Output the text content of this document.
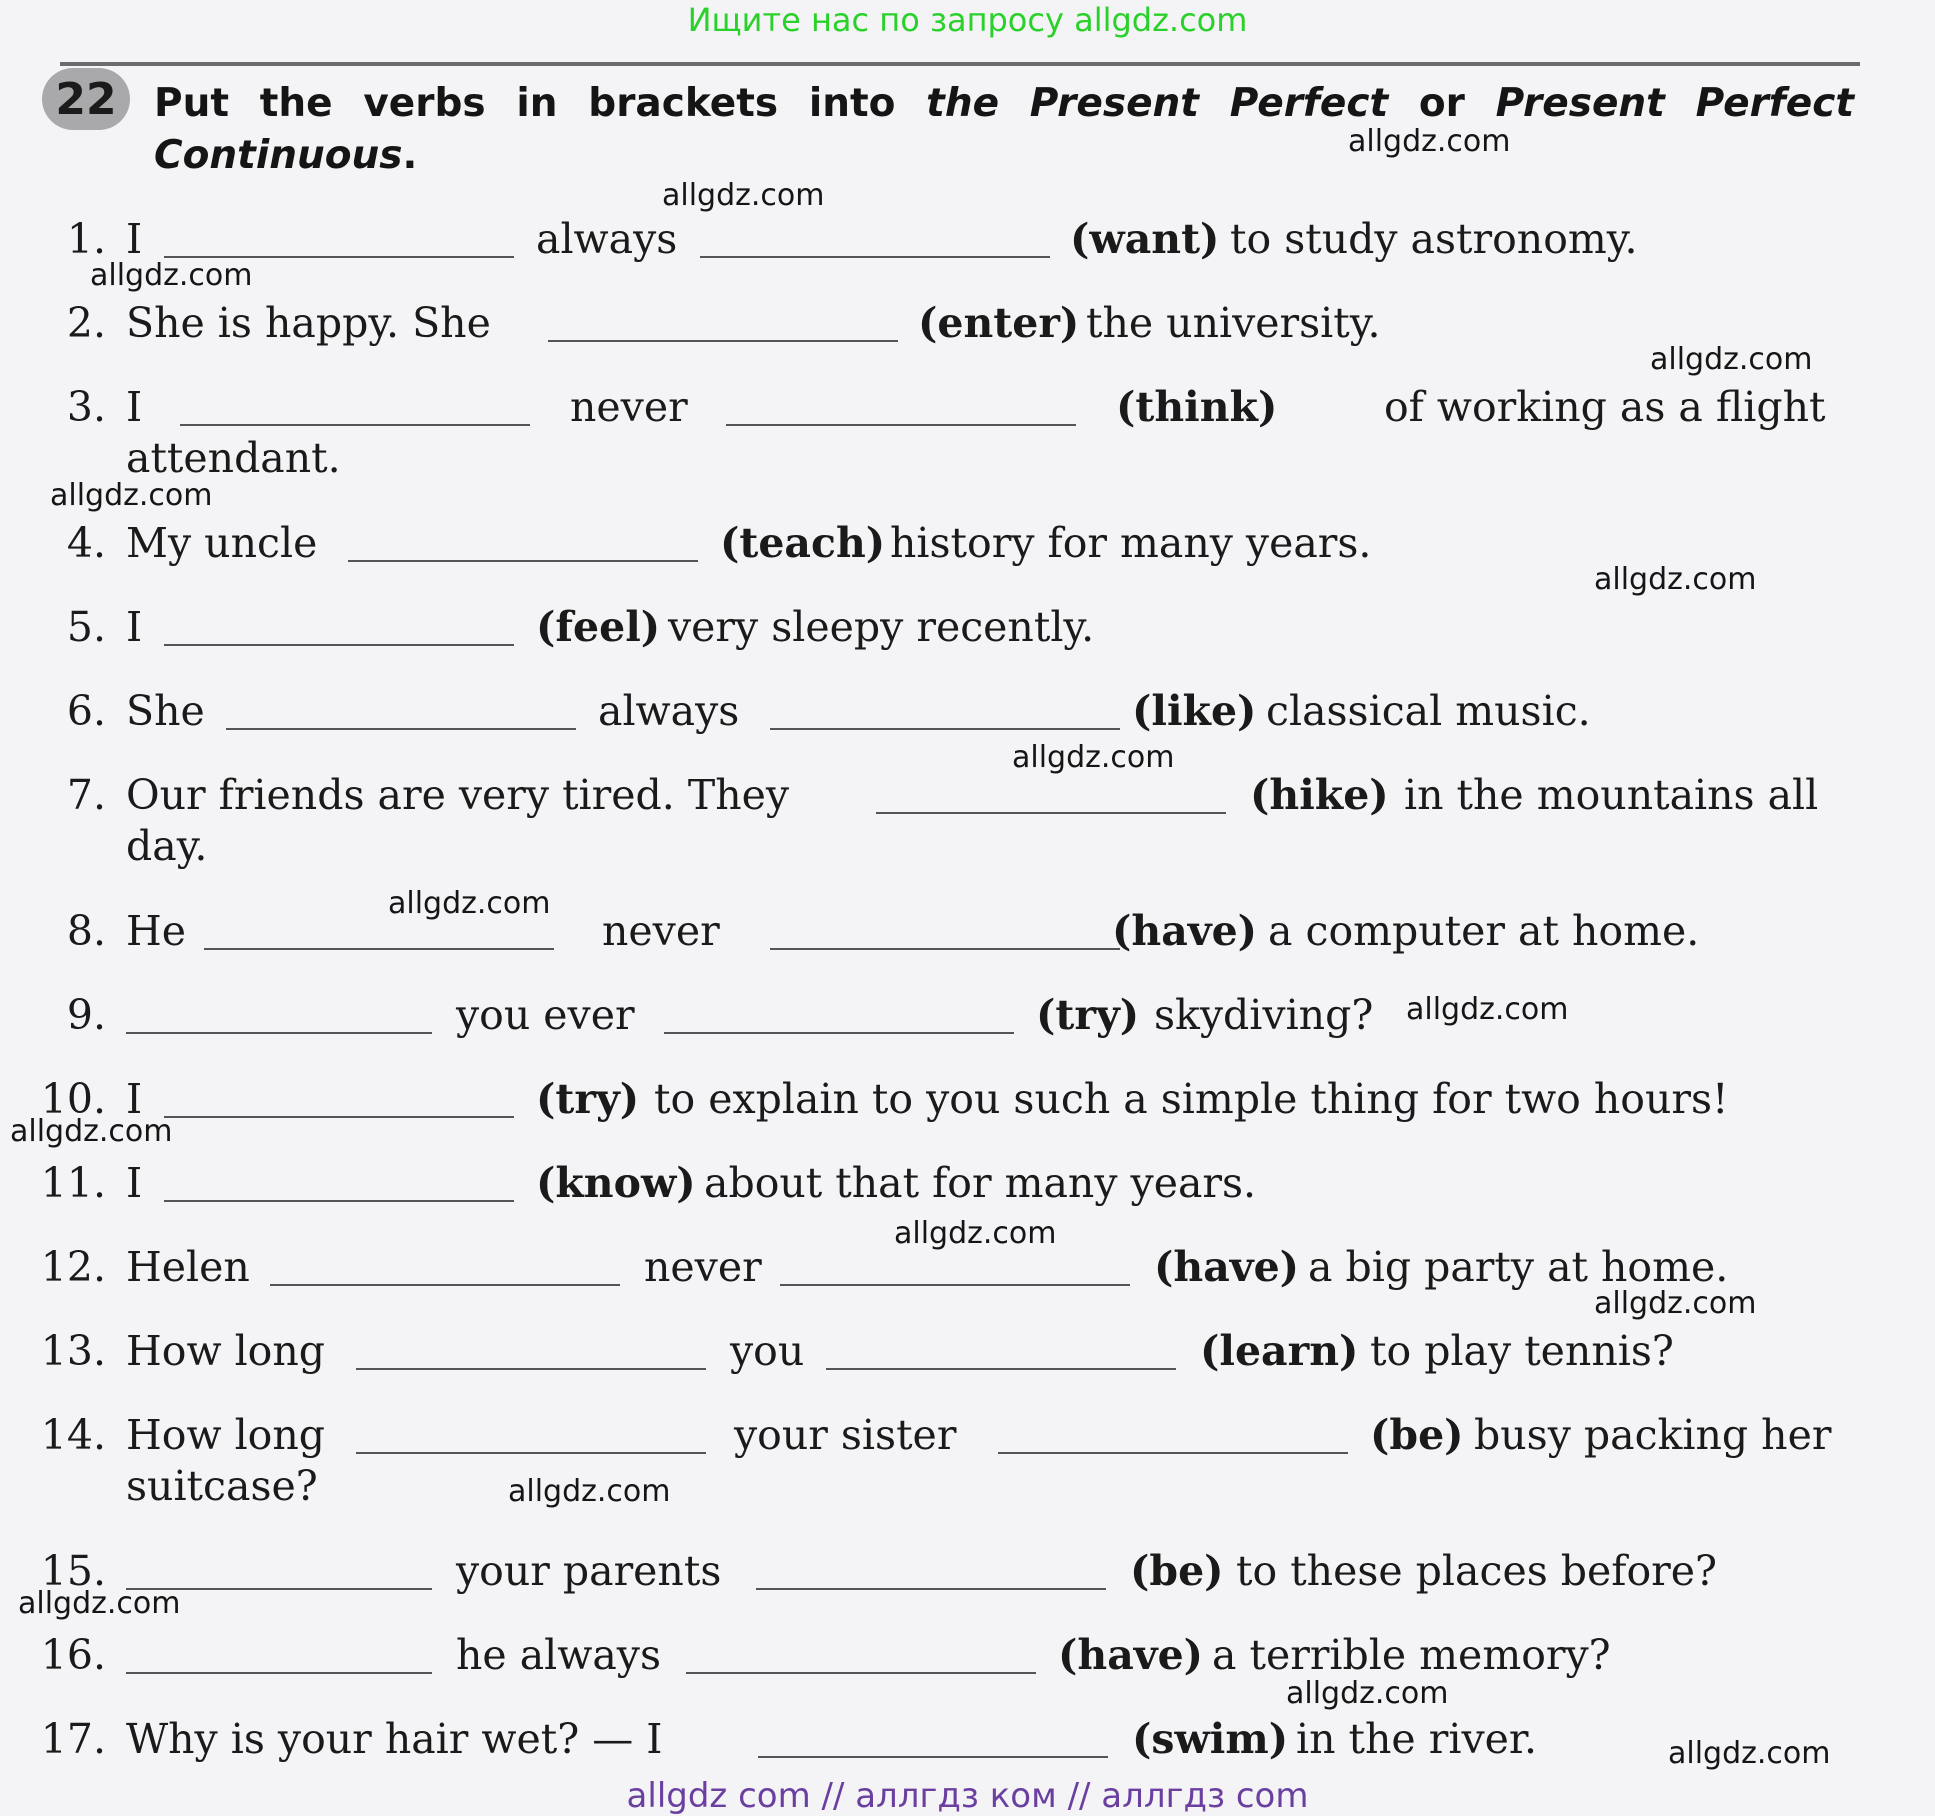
Ищите нас по запросу allgdz.com
22 Put the verbs in brackets into the Present Perfect or Present Perfect Continuous.
1. I	always	(want) to study astronomy.
2. She is happy. She	(enter) the university.
3. I	never	(think)	of working as a flight
attendant.
4. My uncle	(teach) history for many years.
5. I	(feel) very sleepy recently.
6. She	always	(like) classical music.
7. Our friends are very tired. They	(hike) in the mountains all
day.
8. He	never	(have) a computer at home.
9.	you ever	(try) skydiving?
10. I	(try) to explain to you such a simple thing for two hours!
11. I	(know) about that for many years.
12. Helen	never	(have) a big party at home.
13. How long	you	(learn) to play tennis?
14. How long	your sister	(be) busy packing her
suitcase?
15.	your parents	(be) to these places before?
16.	he always	(have) a terrible memory?
17. Why is your hair wet? — I	(swim) in the river.
allgdz.com
allgdz.com
allgdz.com
allgdz.com
allgdz.com
allgdz.com
allgdz.com
allgdz.com
allgdz.com
allgdz.com
allgdz.com
allgdz.com
allgdz.com
allgdz.com
allgdz.com
allgdz.com
allgdz com // аллгдз ком // аллгдз com
